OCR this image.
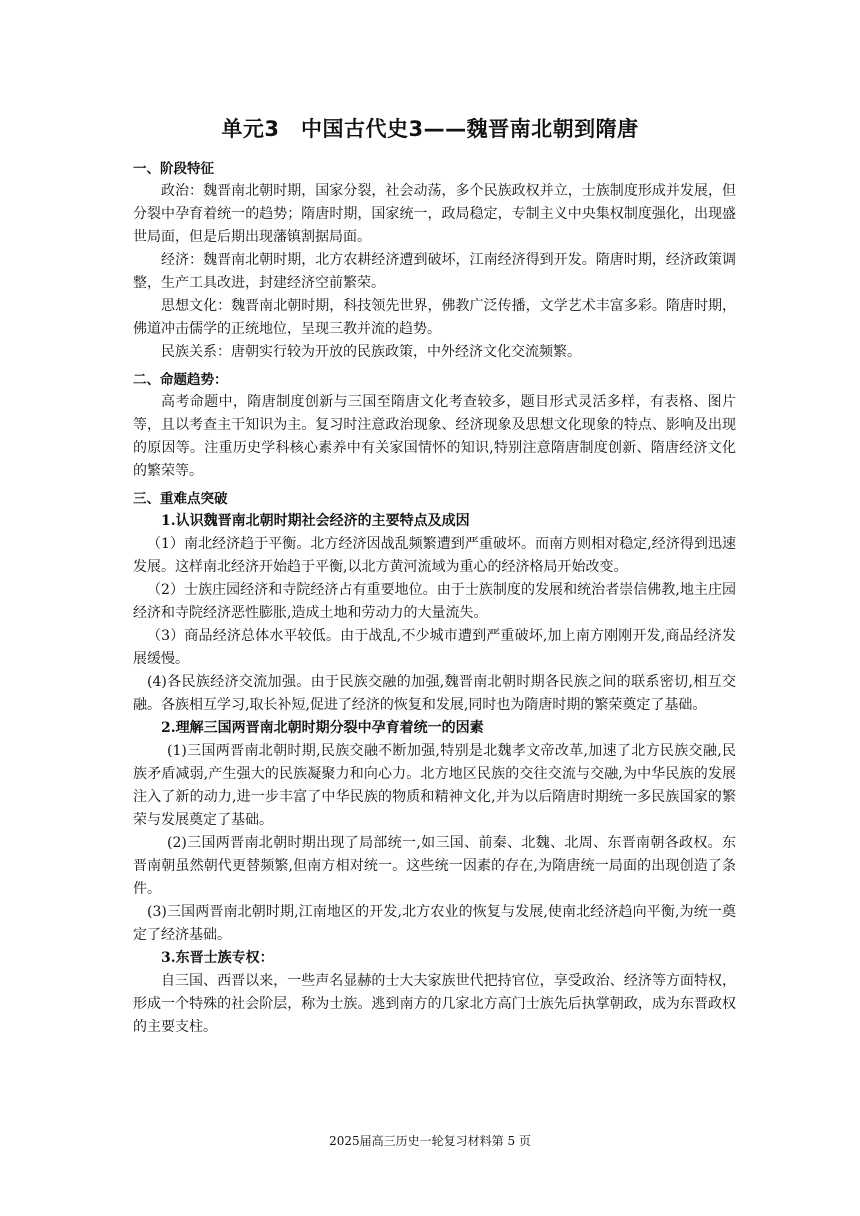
单元3　中国古代史3——魏晋南北朝到隋唐

一、阶段特征

政治：魏晋南北朝时期，国家分裂，社会动荡，多个民族政权并立，士族制度形成并发展，但分裂中孕育着统一的趋势；隋唐时期，国家统一，政局稳定，专制主义中央集权制度强化，出现盛世局面，但是后期出现藩镇割据局面。

经济：魏晋南北朝时期，北方农耕经济遭到破坏，江南经济得到开发。隋唐时期，经济政策调整，生产工具改进，封建经济空前繁荣。

思想文化：魏晋南北朝时期，科技领先世界，佛教广泛传播，文学艺术丰富多彩。隋唐时期，佛道冲击儒学的正统地位，呈现三教并流的趋势。

民族关系：唐朝实行较为开放的民族政策，中外经济文化交流频繁。

二、命题趋势：

高考命题中，隋唐制度创新与三国至隋唐文化考查较多，题目形式灵活多样，有表格、图片等，且以考查主干知识为主。复习时注意政治现象、经济现象及思想文化现象的特点、影响及出现的原因等。注重历史学科核心素养中有关家国情怀的知识,特别注意隋唐制度创新、隋唐经济文化的繁荣等。

三、重难点突破

1.认识魏晋南北朝时期社会经济的主要特点及成因

（1）南北经济趋于平衡。北方经济因战乱频繁遭到严重破坏。而南方则相对稳定,经济得到迅速发展。这样南北经济开始趋于平衡,以北方黄河流域为重心的经济格局开始改变。

（2）士族庄园经济和寺院经济占有重要地位。由于士族制度的发展和统治者崇信佛教,地主庄园经济和寺院经济恶性膨胀,造成土地和劳动力的大量流失。

（3）商品经济总体水平较低。由于战乱,不少城市遭到严重破坏,加上南方刚刚开发,商品经济发展缓慢。

(4)各民族经济交流加强。由于民族交融的加强,魏晋南北朝时期各民族之间的联系密切,相互交融。各族相互学习,取长补短,促进了经济的恢复和发展,同时也为隋唐时期的繁荣奠定了基础。

2.理解三国两晋南北朝时期分裂中孕育着统一的因素

(1)三国两晋南北朝时期,民族交融不断加强,特别是北魏孝文帝改革,加速了北方民族交融,民族矛盾减弱,产生强大的民族凝聚力和向心力。北方地区民族的交往交流与交融,为中华民族的发展注入了新的动力,进一步丰富了中华民族的物质和精神文化,并为以后隋唐时期统一多民族国家的繁荣与发展奠定了基础。

(2)三国两晋南北朝时期出现了局部统一,如三国、前秦、北魏、北周、东晋南朝各政权。东晋南朝虽然朝代更替频繁,但南方相对统一。这些统一因素的存在,为隋唐统一局面的出现创造了条件。

(3)三国两晋南北朝时期,江南地区的开发,北方农业的恢复与发展,使南北经济趋向平衡,为统一奠定了经济基础。

3.东晋士族专权：

自三国、西晋以来，一些声名显赫的士大夫家族世代把持官位，享受政治、经济等方面特权，形成一个特殊的社会阶层，称为士族。逃到南方的几家北方高门士族先后执掌朝政，成为东晋政权的主要支柱。

2025届高三历史一轮复习材料第 5 页
